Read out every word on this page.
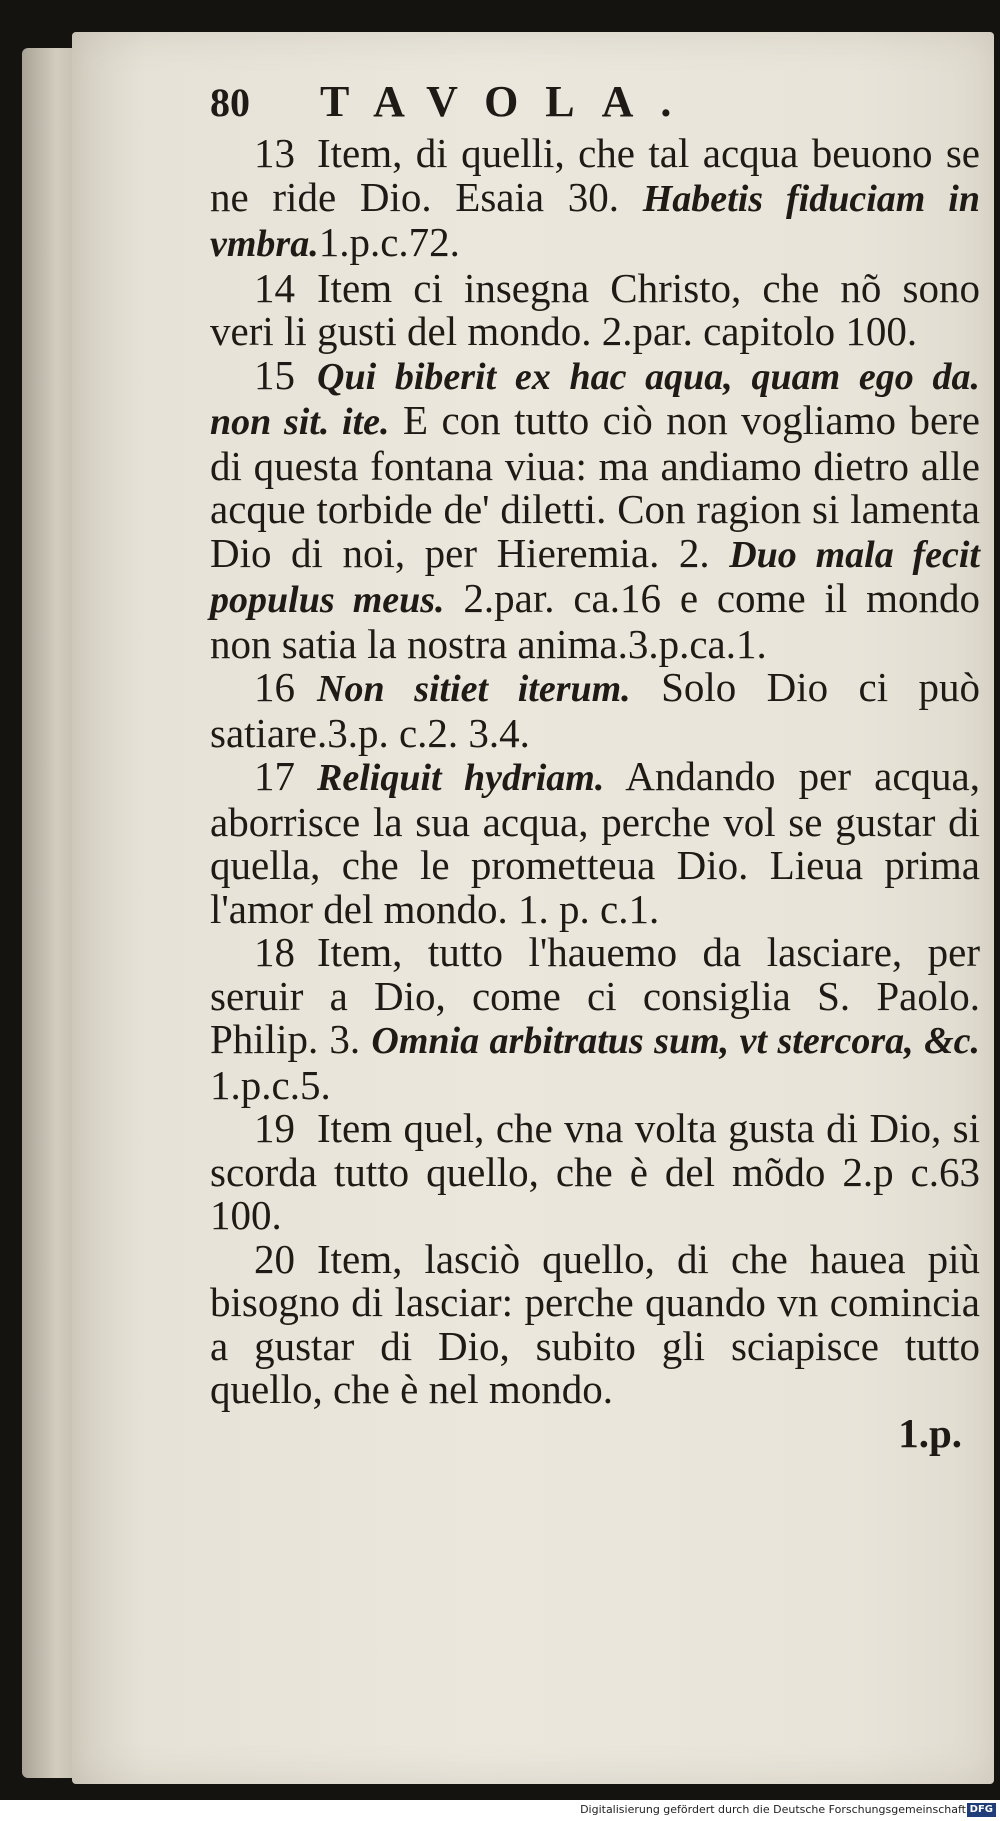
80	TAVOLA.

13 Item, di quelli, che tal acqua beuono se ne ride Dio. Esaia 30. Habetis fiduciam in vmbra.1.p.c.72.

14 Item ci insegna Christo, che nõ sono veri li gusti del mondo. 2.par. capitolo 100.

15 Qui biberit ex hac aqua, quam ego da. non sit. ite. E con tutto ciò non vogliamo bere di questa fontana viua: ma andiamo dietro alle acque torbide de' diletti. Con ragion si lamenta Dio di noi, per Hieremia. 2. Duo mala fecit populus meus. 2.par. ca.16 e come il mondo non satia la nostra anima.3.p.ca.1.

16 Non sitiet iterum. Solo Dio ci può satiare.3.p. c.2. 3.4.

17 Reliquit hydriam. Andando per acqua, aborrisce la sua acqua, perche vol se gustar di quella, che le prometteua Dio. Lieua prima l'amor del mondo. 1. p. c.1.

18 Item, tutto l'hauemo da lasciare, per seruir a Dio, come ci consiglia S. Paolo. Philip. 3. Omnia arbitratus sum, vt stercora, &c. 1.p.c.5.

19 Item quel, che vna volta gusta di Dio, si scorda tutto quello, che è del mõdo 2.p c.63 100.

20 Item, lasciò quello, di che hauea più bisogno di lasciar: perche quando vn comincia a gustar di Dio, subito gli sciapisce tutto quello, che è nel mondo.

1.p.
Digitalisierung gefördert durch die Deutsche Forschungsgemeinschaft DFG
